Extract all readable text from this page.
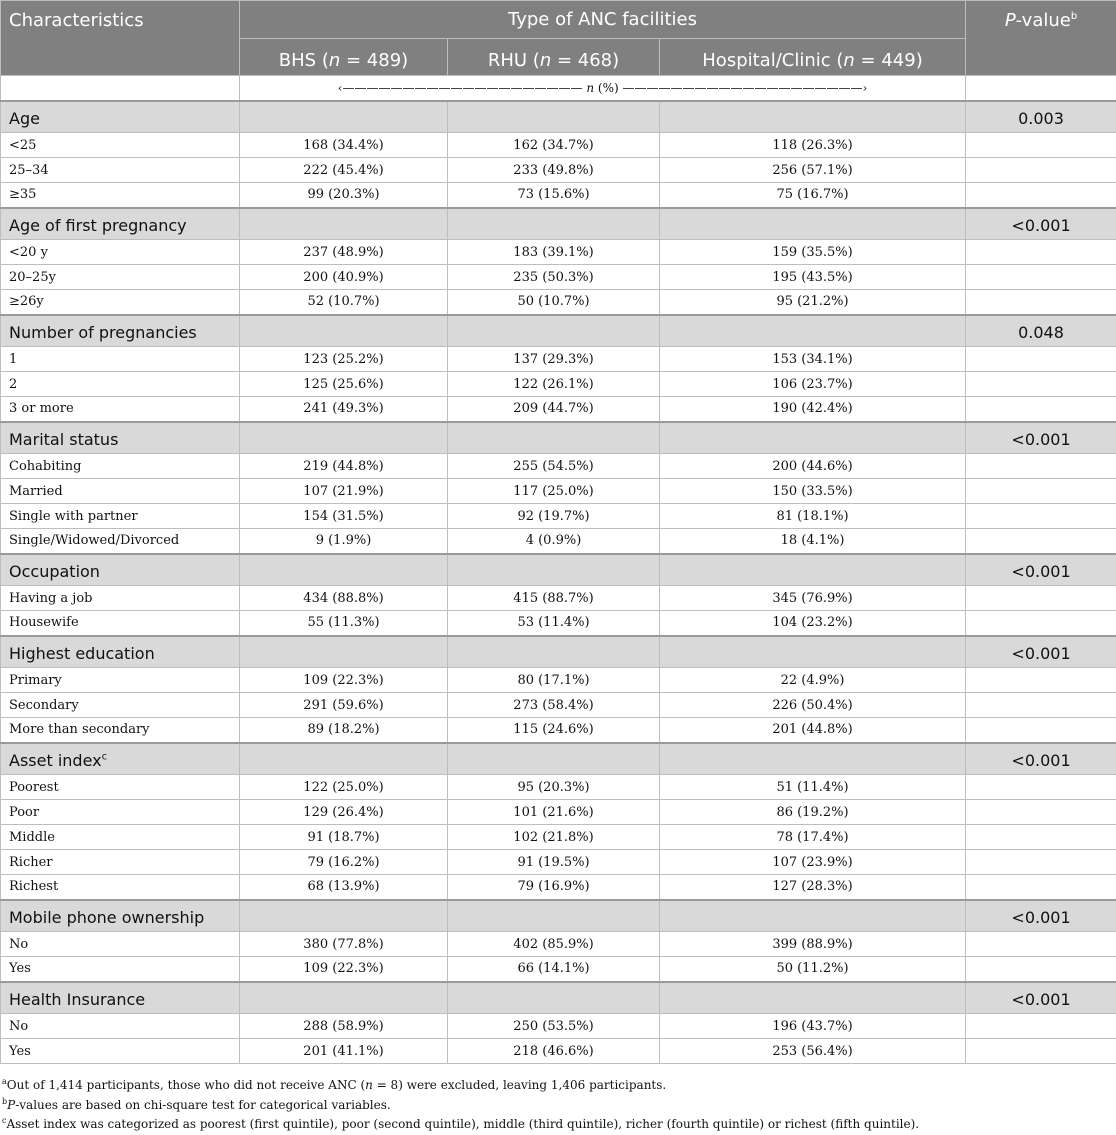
Characteristics	Type of ANC facilities			P-value$^b$
	BHS (n = 489)	RHU (n = 468)	Hospital/Clinic (n = 449)	
	‹———————————————————— n (%) ————————————————————›			
Age				0.003
<25	168 (34.4%)	162 (34.7%)	118 (26.3%)	
25–34	222 (45.4%)	233 (49.8%)	256 (57.1%)	
≥35	99 (20.3%)	73 (15.6%)	75 (16.7%)	
Age of first pregnancy				<0.001
<20 y	237 (48.9%)	183 (39.1%)	159 (35.5%)	
20–25y	200 (40.9%)	235 (50.3%)	195 (43.5%)	
≥26y	52 (10.7%)	50 (10.7%)	95 (21.2%)	
Number of pregnancies				0.048
1	123 (25.2%)	137 (29.3%)	153 (34.1%)	
2	125 (25.6%)	122 (26.1%)	106 (23.7%)	
3 or more	241 (49.3%)	209 (44.7%)	190 (42.4%)	
Marital status				<0.001
Cohabiting	219 (44.8%)	255 (54.5%)	200 (44.6%)	
Married	107 (21.9%)	117 (25.0%)	150 (33.5%)	
Single with partner	154 (31.5%)	92 (19.7%)	81 (18.1%)	
Single/Widowed/Divorced	9 (1.9%)	4 (0.9%)	18 (4.1%)	
Occupation				<0.001
Having a job	434 (88.8%)	415 (88.7%)	345 (76.9%)	
Housewife	55 (11.3%)	53 (11.4%)	104 (23.2%)	
Highest education				<0.001
Primary	109 (22.3%)	80 (17.1%)	22 (4.9%)	
Secondary	291 (59.6%)	273 (58.4%)	226 (50.4%)	
More than secondary	89 (18.2%)	115 (24.6%)	201 (44.8%)	
Asset index$^c$				<0.001
Poorest	122 (25.0%)	95 (20.3%)	51 (11.4%)	
Poor	129 (26.4%)	101 (21.6%)	86 (19.2%)	
Middle	91 (18.7%)	102 (21.8%)	78 (17.4%)	
Richer	79 (16.2%)	91 (19.5%)	107 (23.9%)	
Richest	68 (13.9%)	79 (16.9%)	127 (28.3%)	
Mobile phone ownership				<0.001
No	380 (77.8%)	402 (85.9%)	399 (88.9%)	
Yes	109 (22.3%)	66 (14.1%)	50 (11.2%)	
Health Insurance				<0.001
No	288 (58.9%)	250 (53.5%)	196 (43.7%)	
Yes	201 (41.1%)	218 (46.6%)	253 (56.4%)	
$^a$Out of 1,414 participants, those who did not receive ANC (n = 8) were excluded, leaving 1,406 participants.
$^b$P-values are based on chi-square test for categorical variables.
$^c$Asset index was categorized as poorest (first quintile), poor (second quintile), middle (third quintile), richer (fourth quintile) or richest (fifth quintile).
